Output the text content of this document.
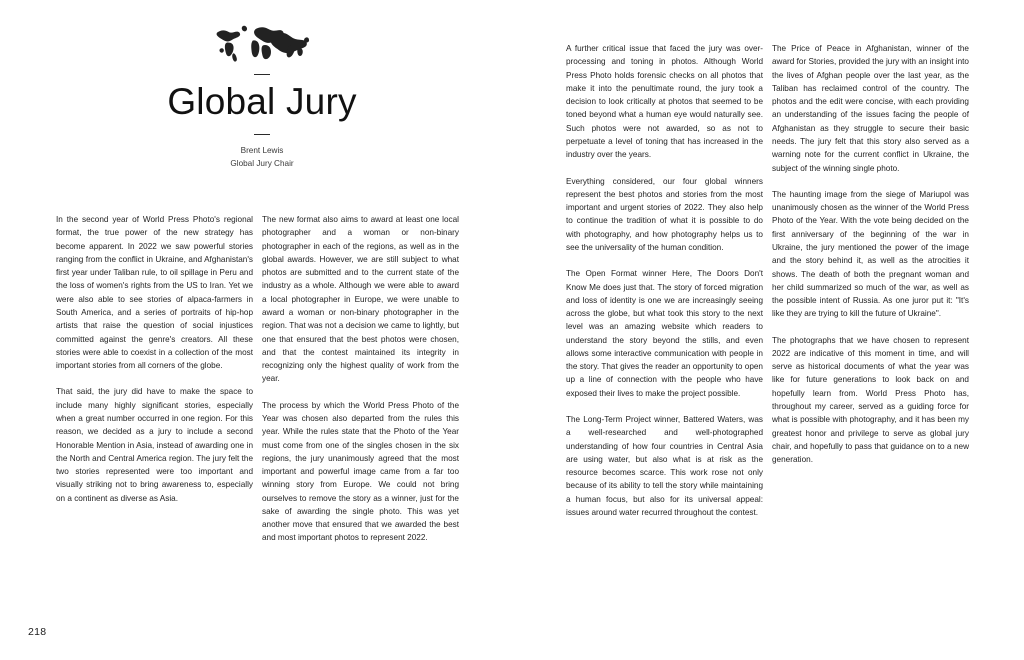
Global Jury
Brent Lewis
Global Jury Chair

In the second year of World Press Photo's regional format, the true power of the new strategy has become apparent. In 2022 we saw powerful stories ranging from the conflict in Ukraine, and Afghanistan's first year under Taliban rule, to oil spillage in Peru and the loss of women's rights from the US to Iran. Yet we were also able to see stories of alpaca-farmers in South America, and a series of portraits of hip-hop artists that raise the question of social injustices committed against the genre's creators. All these stories were able to coexist in a collection of the most important stories from all corners of the globe.

That said, the jury did have to make the space to include many highly significant stories, especially when a great number occurred in one region. For this reason, we decided as a jury to include a second Honorable Mention in Asia, instead of awarding one in the North and Central America region. The jury felt the two stories represented were too important and visually striking not to bring awareness to, especially on a continent as diverse as Asia.

The new format also aims to award at least one local photographer and a woman or non-binary photographer in each of the regions, as well as in the global awards. However, we are still subject to what photos are submitted and to the current state of the industry as a whole. Although we were able to award a local photographer in Europe, we were unable to award a woman or non-binary photographer in the region. That was not a decision we came to lightly, but one that ensured that the best photos were chosen, and that the contest maintained its integrity in recognizing only the highest quality of work from the year.

The process by which the World Press Photo of the Year was chosen also departed from the rules this year. While the rules state that the Photo of the Year must come from one of the singles chosen in the six regions, the jury unanimously agreed that the most important and powerful image came from a far too winning story from Europe. We could not bring ourselves to remove the story as a winner, just for the sake of awarding the single photo. This was yet another move that ensured that we awarded the best and most important photos to represent 2022.

A further critical issue that faced the jury was over-processing and toning in photos. Although World Press Photo holds forensic checks on all photos that make it into the penultimate round, the jury took a decision to look critically at photos that seemed to be toned beyond what a human eye would naturally see. Such photos were not awarded, so as not to perpetuate a level of toning that has increased in the industry over the years.

Everything considered, our four global winners represent the best photos and stories from the most important and urgent stories of 2022. They also help to continue the tradition of what it is possible to do with photography, and how photography helps us to see the universality of the human condition.

The Open Format winner Here, The Doors Don't Know Me does just that. The story of forced migration and loss of identity is one we are increasingly seeing across the globe, but what took this story to the next level was an amazing website which readers to understand the story beyond the stills, and even allows some interactive communication with people in the story. That gives the reader an opportunity to open up a line of connection with the people who have exposed their lives to make the project possible.

The Long-Term Project winner, Battered Waters, was a well-researched and well-photographed understanding of how four countries in Central Asia are using water, but also what is at risk as the resource becomes scarce. This work rose not only because of its ability to tell the story while maintaining a human focus, but also for its universal appeal: issues around water recurred throughout the contest.

The Price of Peace in Afghanistan, winner of the award for Stories, provided the jury with an insight into the lives of Afghan people over the last year, as the Taliban has reclaimed control of the country. The photos and the edit were concise, with each providing an understanding of the issues facing the people of Afghanistan as they struggle to secure their basic needs. The jury felt that this story also served as a warning note for the current conflict in Ukraine, the subject of the winning single photo.

The haunting image from the siege of Mariupol was unanimously chosen as the winner of the World Press Photo of the Year. With the vote being decided on the first anniversary of the beginning of the war in Ukraine, the jury mentioned the power of the image and the story behind it, as well as the atrocities it shows. The death of both the pregnant woman and her child summarized so much of the war, as well as the possible intent of Russia. As one juror put it: "It's like they are trying to kill the future of Ukraine".

The photographs that we have chosen to represent 2022 are indicative of this moment in time, and will serve as historical documents of what the year was like for future generations to look back on and hopefully learn from. World Press Photo has, throughout my career, served as a guiding force for what is possible with photography, and it has been my greatest honor and privilege to serve as global jury chair, and hopefully to pass that guidance on to a new generation.

218
